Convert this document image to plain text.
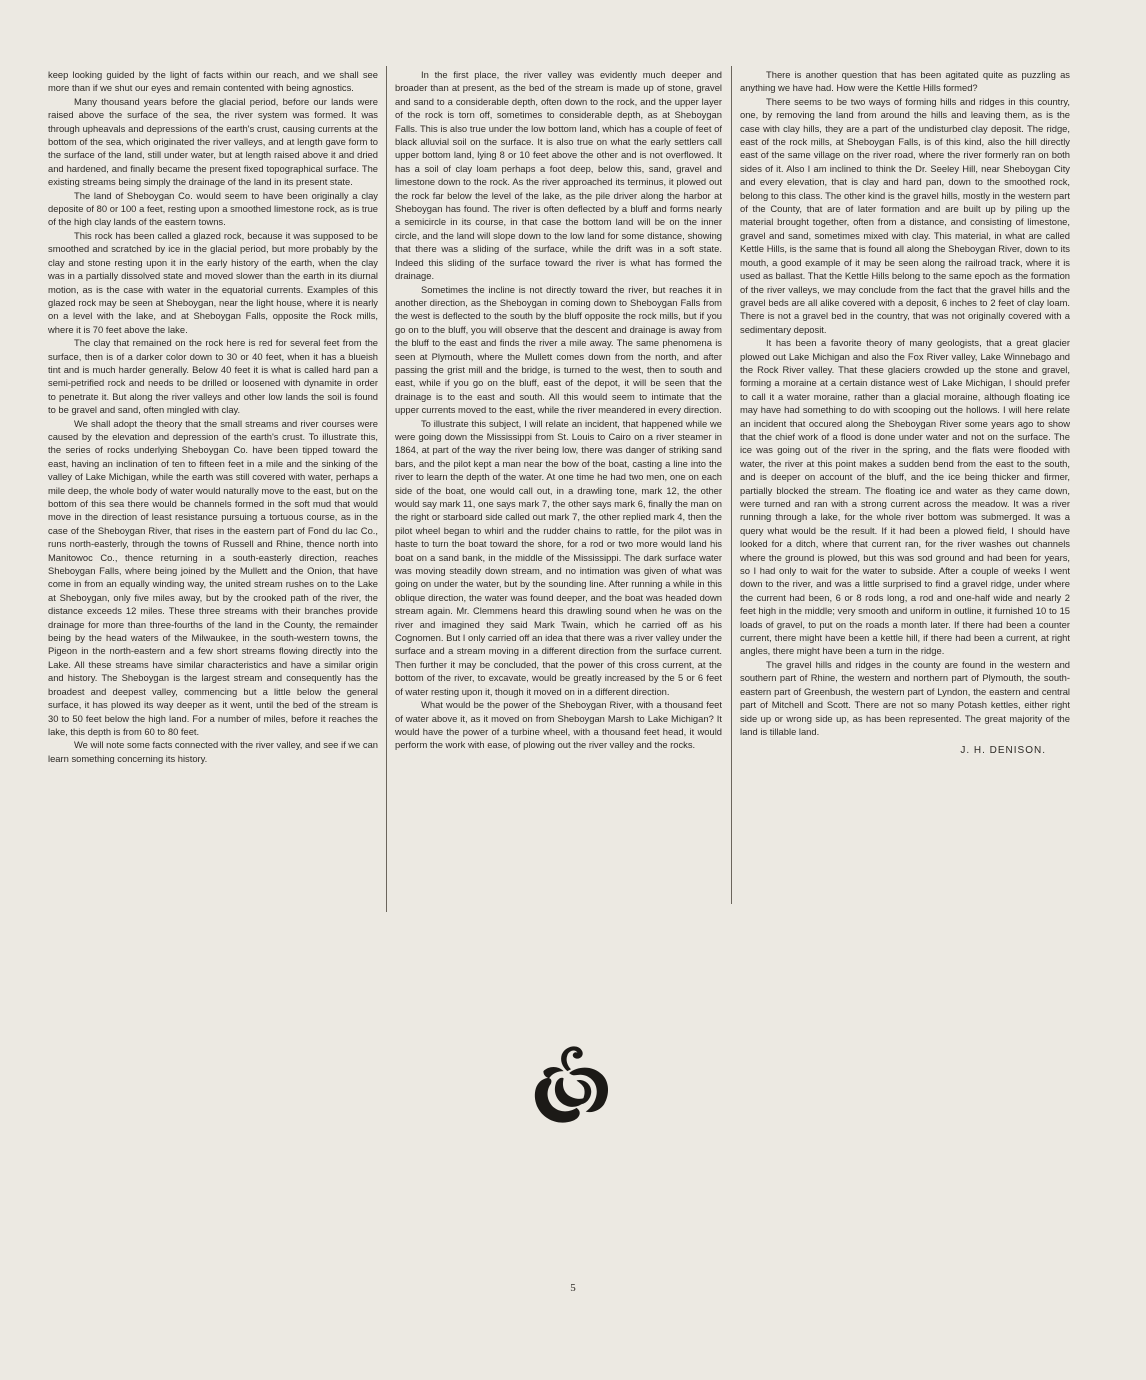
keep looking guided by the light of facts within our reach, and we shall see more than if we shut our eyes and remain contented with being agnostics.

Many thousand years before the glacial period, before our lands were raised above the surface of the sea, the river system was formed. It was through upheavals and depressions of the earth's crust, causing currents at the bottom of the sea, which originated the river valleys, and at length gave form to the surface of the land, still under water, but at length raised above it and dried and hardened, and finally became the present fixed topographical surface. The existing streams being simply the drainage of the land in its present state.

The land of Sheboygan Co. would seem to have been originally a clay deposite of 80 or 100 a feet, resting upon a smoothed limestone rock, as is true of the high clay lands of the eastern towns.

This rock has been called a glazed rock, because it was supposed to be smoothed and scratched by ice in the glacial period, but more probably by the clay and stone resting upon it in the early history of the earth, when the clay was in a partially dissolved state and moved slower than the earth in its diurnal motion, as is the case with water in the equatorial currents. Examples of this glazed rock may be seen at Sheboygan, near the light house, where it is nearly on a level with the lake, and at Sheboygan Falls, opposite the Rock mills, where it is 70 feet above the lake.

The clay that remained on the rock here is red for several feet from the surface, then is of a darker color down to 30 or 40 feet, when it has a blueish tint and is much harder generally. Below 40 feet it is what is called hard pan a semi-petrified rock and needs to be drilled or loosened with dynamite in order to penetrate it. But along the river valleys and other low lands the soil is found to be gravel and sand, often mingled with clay.

We shall adopt the theory that the small streams and river courses were caused by the elevation and depression of the earth's crust. To illustrate this, the series of rocks underlying Sheboygan Co. have been tipped toward the east, having an inclination of ten to fifteen feet in a mile and the sinking of the valley of Lake Michigan, while the earth was still covered with water, perhaps a mile deep, the whole body of water would naturally move to the east, but on the bottom of this sea there would be channels formed in the soft mud that would move in the direction of least resistance pursuing a tortuous course, as in the case of the Sheboygan River, that rises in the eastern part of Fond du lac Co., runs north-easterly, through the towns of Russell and Rhine, thence north into Manitowoc Co., thence returning in a south-easterly direction, reaches Sheboygan Falls, where being joined by the Mullett and the Onion, that have come in from an equally winding way, the united stream rushes on to the Lake at Sheboygan, only five miles away, but by the crooked path of the river, the distance exceeds 12 miles. These three streams with their branches provide drainage for more than three-fourths of the land in the County, the remainder being by the head waters of the Milwaukee, in the south-western towns, the Pigeon in the north-eastern and a few short streams flowing directly into the Lake. All these streams have similar characteristics and have a similar origin and history. The Sheboygan is the largest stream and consequently has the broadest and deepest valley, commencing but a little below the general surface, it has plowed its way deeper as it went, until the bed of the stream is 30 to 50 feet below the high land. For a number of miles, before it reaches the lake, this depth is from 60 to 80 feet.

We will note some facts connected with the river valley, and see if we can learn something concerning its history.

In the first place, the river valley was evidently much deeper and broader than at present, as the bed of the stream is made up of stone, gravel and sand to a considerable depth, often down to the rock, and the upper layer of the rock is torn off, sometimes to considerable depth, as at Sheboygan Falls. This is also true under the low bottom land, which has a couple of feet of black alluvial soil on the surface. It is also true on what the early settlers call upper bottom land, lying 8 or 10 feet above the other and is not overflowed. It has a soil of clay loam perhaps a foot deep, below this, sand, gravel and limestone down to the rock. As the river approached its terminus, it plowed out the rock far below the level of the lake, as the pile driver along the harbor at Sheboygan has found. The river is often deflected by a bluff and forms nearly a semicircle in its course, in that case the bottom land will be on the inner circle, and the land will slope down to the low land for some distance, showing that there was a sliding of the surface, while the drift was in a soft state. Indeed this sliding of the surface toward the river is what has formed the drainage.

Sometimes the incline is not directly toward the river, but reaches it in another direction, as the Sheboygan in coming down to Sheboygan Falls from the west is deflected to the south by the bluff opposite the rock mills, but if you go on to the bluff, you will observe that the descent and drainage is away from the bluff to the east and finds the river a mile away. The same phenomena is seen at Plymouth, where the Mullett comes down from the north, and after passing the grist mill and the bridge, is turned to the west, then to south and east, while if you go on the bluff, east of the depot, it will be seen that the drainage is to the east and south. All this would seem to intimate that the upper currents moved to the east, while the river meandered in every direction.

To illustrate this subject, I will relate an incident, that happened while we were going down the Mississippi from St. Louis to Cairo on a river steamer in 1864, at part of the way the river being low, there was danger of striking sand bars, and the pilot kept a man near the bow of the boat, casting a line into the river to learn the depth of the water. At one time he had two men, one on each side of the boat, one would call out, in a drawling tone, mark 12, the other would say mark 11, one says mark 7, the other says mark 6, finally the man on the right or starboard side called out mark 7, the other replied mark 4, then the pilot wheel began to whirl and the rudder chains to rattle, for the pilot was in haste to turn the boat toward the shore, for a rod or two more would land his boat on a sand bank, in the middle of the Mississippi. The dark surface water was moving steadily down stream, and no intimation was given of what was going on under the water, but by the sounding line. After running a while in this oblique direction, the water was found deeper, and the boat was headed down stream again. Mr. Clemmens heard this drawling sound when he was on the river and imagined they said Mark Twain, which he carried off as his Cognomen. But I only carried off an idea that there was a river valley under the surface and a stream moving in a different direction from the surface current. Then further it may be concluded, that the power of this cross current, at the bottom of the river, to excavate, would be greatly increased by the 5 or 6 feet of water resting upon it, though it moved on in a different direction.

What would be the power of the Sheboygan River, with a thousand feet of water above it, as it moved on from Sheboygan Marsh to Lake Michigan? It would have the power of a turbine wheel, with a thousand feet head, it would perform the work with ease, of plowing out the river valley and the rocks.

There is another question that has been agitated quite as puzzling as anything we have had. How were the Kettle Hills formed?

There seems to be two ways of forming hills and ridges in this country, one, by removing the land from around the hills and leaving them, as is the case with clay hills, they are a part of the undisturbed clay deposit. The ridge, east of the rock mills, at Sheboygan Falls, is of this kind, also the hill directly east of the same village on the river road, where the river formerly ran on both sides of it. Also I am inclined to think the Dr. Seeley Hill, near Sheboygan City and every elevation, that is clay and hard pan, down to the smoothed rock, belong to this class. The other kind is the gravel hills, mostly in the western part of the County, that are of later formation and are built up by piling up the material brought together, often from a distance, and consisting of limestone, gravel and sand, sometimes mixed with clay. This material, in what are called Kettle Hills, is the same that is found all along the Sheboygan River, down to its mouth, a good example of it may be seen along the railroad track, where it is used as ballast. That the Kettle Hills belong to the same epoch as the formation of the river valleys, we may conclude from the fact that the gravel hills and the gravel beds are all alike covered with a deposit, 6 inches to 2 feet of clay loam. There is not a gravel bed in the country, that was not originally covered with a sedimentary deposit.

It has been a favorite theory of many geologists, that a great glacier plowed out Lake Michigan and also the Fox River valley, Lake Winnebago and the Rock River valley. That these glaciers crowded up the stone and gravel, forming a moraine at a certain distance west of Lake Michigan, I should prefer to call it a water moraine, rather than a glacial moraine, although floating ice may have had something to do with scooping out the hollows. I will here relate an incident that occured along the Sheboygan River some years ago to show that the chief work of a flood is done under water and not on the surface. The ice was going out of the river in the spring, and the flats were flooded with water, the river at this point makes a sudden bend from the east to the south, and is deeper on account of the bluff, and the ice being thicker and firmer, partially blocked the stream. The floating ice and water as they came down, were turned and ran with a strong current across the meadow. It was a river running through a lake, for the whole river bottom was submerged. It was a query what would be the result. If it had been a plowed field, I should have looked for a ditch, where that current ran, for the river washes out channels where the ground is plowed, but this was sod ground and had been for years, so I had only to wait for the water to subside. After a couple of weeks I went down to the river, and was a little surprised to find a gravel ridge, under where the current had been, 6 or 8 rods long, a rod and one-half wide and nearly 2 feet high in the middle; very smooth and uniform in outline, it furnished 10 to 15 loads of gravel, to put on the roads a month later. If there had been a counter current, there might have been a kettle hill, if there had been a current, at right angles, there might have been a turn in the ridge.

The gravel hills and ridges in the county are found in the western and southern part of Rhine, the western and northern part of Plymouth, the south-eastern part of Greenbush, the western part of Lyndon, the eastern and central part of Mitchell and Scott. There are not so many Potash kettles, either right side up or wrong side up, as has been represented. The great majority of the land is tillable land.

J. H. DENISON.
5
